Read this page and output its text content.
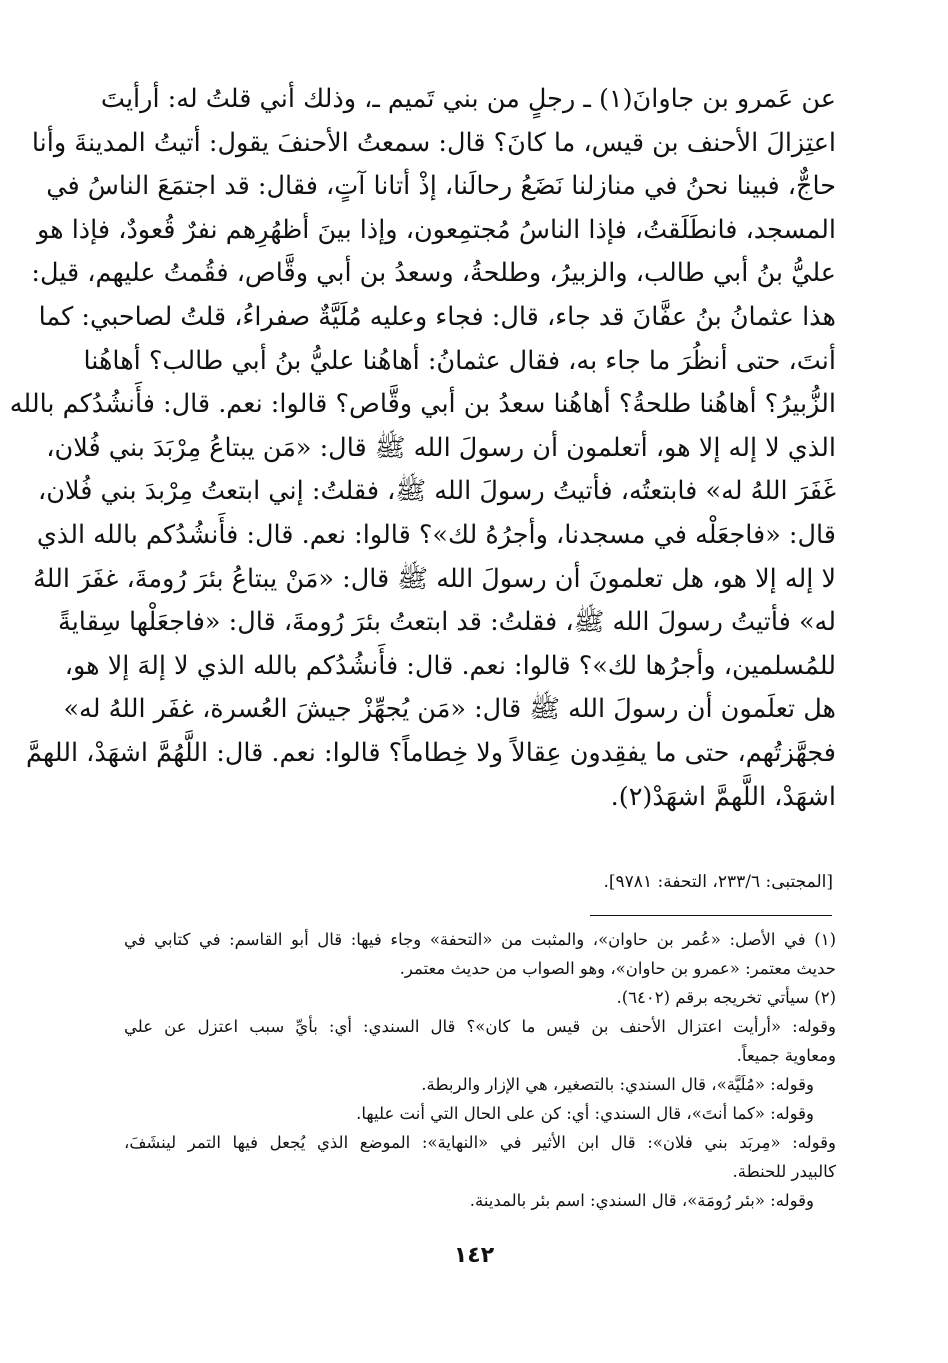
عن عَمرو بن جاوانَ(١) ـ رجلٍ من بني تَميم ـ، وذلك أني قلتُ له: أرأيتَ
اعتِزالَ الأحنف بن قيس، ما كانَ؟ قال: سمعتُ الأحنفَ يقول: أتيتُ المدينةَ وأنا
حاجٌّ، فبينا نحنُ في منازلنا نَضَعُ رحالَنا، إذْ أتانا آتٍ، فقال: قد اجتمَعَ الناسُ في
المسجد، فانطَلَقتُ، فإذا الناسُ مُجتمِعون، وإذا بينَ أظهُرِهم نفرٌ قُعودٌ، فإذا هو
عليُّ بنُ أبي طالب، والزبيرُ، وطلحةُ، وسعدُ بن أبي وقَّاص، فقُمتُ عليهم، قيل:
هذا عثمانُ بنُ عفَّانَ قد جاء، قال: فجاء وعليه مُلَيَّةٌ صفراءُ، قلتُ لصاحبي: كما
أنتَ، حتى أنظُرَ ما جاء به، فقال عثمانُ: أهاهُنا عليُّ بنُ أبي طالب؟ أهاهُنا
الزُّبيرُ؟ أهاهُنا طلحةُ؟ أهاهُنا سعدُ بن أبي وقَّاص؟ قالوا: نعم. قال: فأَنشُدُكم بالله
الذي لا إله إلا هو، أتعلمون أن رسولَ الله ﷺ قال: «مَن يبتاعُ مِرْبَدَ بني فُلان،
غَفَرَ اللهُ له» فابتعتُه، فأتيتُ رسولَ الله ﷺ، فقلتُ: إني ابتعتُ مِرْبدَ بني فُلان،
قال: «فاجعَلْه في مسجدنا، وأجرُهُ لك»؟ قالوا: نعم. قال: فأَنشُدُكم بالله الذي
لا إله إلا هو، هل تعلمونَ أن رسولَ الله ﷺ قال: «مَنْ يبتاعُ بئرَ رُومةَ، غفَرَ اللهُ
له» فأتيتُ رسولَ الله ﷺ، فقلتُ: قد ابتعتُ بئرَ رُومةَ، قال: «فاجعَلْها سِقايةً
للمُسلمين، وأجرُها لك»؟ قالوا: نعم. قال: فأَنشُدُكم بالله الذي لا إلهَ إلا هو،
هل تعلَمون أن رسولَ الله ﷺ قال: «مَن يُجهِّزْ جيشَ العُسرة، غفَر اللهُ له»
فجهَّزتُهم، حتى ما يفقِدون عِقالاً ولا خِطاماً؟ قالوا: نعم. قال: اللَّهُمَّ اشهَدْ، اللهمَّ
اشهَدْ، اللَّهمَّ اشهَدْ(٢).
[المجتبى: ٢٣٣/٦، التحفة: ٩٧٨١].
(١) في الأصل: «عُمر بن حاوان»، والمثبت من «التحفة» وجاء فيها: قال أبو القاسم: في كتابي في
حديث معتمر: «عمرو بن حاوان»، وهو الصواب من حديث معتمر.
(٢) سيأتي تخريجه برقم (٦٤٠٢).
وقوله: «أرأيت اعتزال الأحنف بن قيس ما كان»؟ قال السندي: أي: بأيِّ سبب اعتزل عن علي
ومعاوية جميعاً.
وقوله: «مُلَيَّة»، قال السندي: بالتصغير، هي الإزار والربطة.
وقوله: «كما أنتَ»، قال السندي: أي: كن على الحال التي أنت عليها.
وقوله: «مِربَد بني فلان»: قال ابن الأثير في «النهاية»: الموضع الذي يُجعل فيها التمر لينشَفَ،
كالبيدر للحنطة.
وقوله: «بئر رُومَة»، قال السندي: اسم بئر بالمدينة.
١٤٢
